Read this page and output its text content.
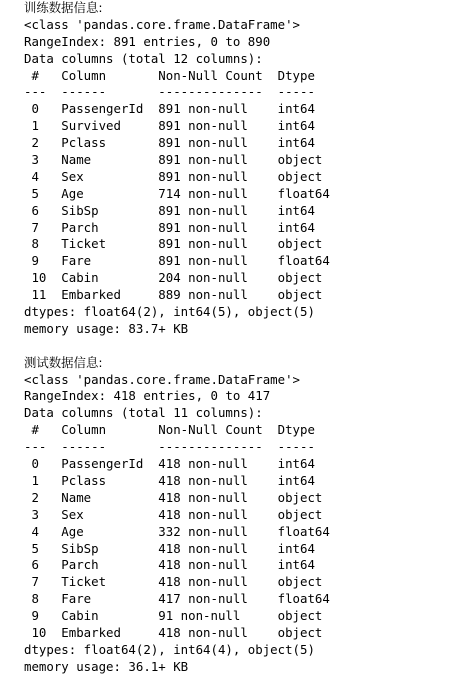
训练数据信息:
<class 'pandas.core.frame.DataFrame'>
RangeIndex: 891 entries, 0 to 890
Data columns (total 12 columns):
#   Column       Non-Null Count  Dtype
---  ------       --------------  -----
0   PassengerId  891 non-null    int64
1   Survived     891 non-null    int64
2   Pclass       891 non-null    int64
3   Name         891 non-null    object
4   Sex          891 non-null    object
5   Age          714 non-null    float64
6   SibSp        891 non-null    int64
7   Parch        891 non-null    int64
8   Ticket       891 non-null    object
9   Fare         891 non-null    float64
10  Cabin        204 non-null    object
11  Embarked     889 non-null    object
dtypes: float64(2), int64(5), object(5)
memory usage: 83.7+ KB
测试数据信息:
<class 'pandas.core.frame.DataFrame'>
RangeIndex: 418 entries, 0 to 417
Data columns (total 11 columns):
#   Column       Non-Null Count  Dtype
---  ------       --------------  -----
0   PassengerId  418 non-null    int64
1   Pclass       418 non-null    int64
2   Name         418 non-null    object
3   Sex          418 non-null    object
4   Age          332 non-null    float64
5   SibSp        418 non-null    int64
6   Parch        418 non-null    int64
7   Ticket       418 non-null    object
8   Fare         417 non-null    float64
9   Cabin        91 non-null     object
10  Embarked     418 non-null    object
dtypes: float64(2), int64(4), object(5)
memory usage: 36.1+ KB
